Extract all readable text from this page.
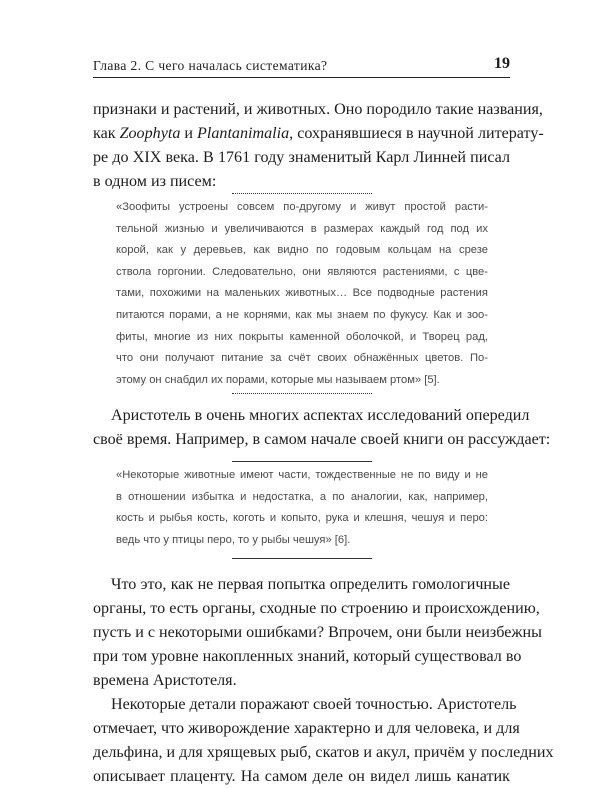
Глава 2. С чего началась систематика?	19
признаки и растений, и животных. Оно породило такие названия,
как Zoophyta и Plantanimalia, сохранявшиеся в научной литерату-
ре до XIX века. В 1761 году знаменитый Карл Линней писал
в одном из писем:
«Зоофиты устроены совсем по-другому и живут простой расти-
тельной жизнью и увеличиваются в размерах каждый год под их
корой, как у деревьев, как видно по годовым кольцам на срезе
ствола горгонии. Следовательно, они являются растениями, с цве-
тами, похожими на маленьких животных… Все подводные растения
питаются порами, а не корнями, как мы знаем по фукусу. Как и зоо-
фиты, многие из них покрыты каменной оболочкой, и Творец рад,
что они получают питание за счёт своих обнажённых цветов. По-
этому он снабдил их порами, которые мы называем ртом» [5].
Аристотель в очень многих аспектах исследований опередил
своё время. Например, в самом начале своей книги он рассуждает:
«Некоторые животные имеют части, тождественные не по виду и не
в отношении избытка и недостатка, а по аналогии, как, например,
кость и рыбья кость, коготь и копыто, рука и клешня, чешуя и перо:
ведь что у птицы перо, то у рыбы чешуя» [6].
Что это, как не первая попытка определить гомологичные
органы, то есть органы, сходные по строению и происхождению,
пусть и с некоторыми ошибками? Впрочем, они были неизбежны
при том уровне накопленных знаний, который существовал во
времена Аристотеля.
Некоторые детали поражают своей точностью. Аристотель
отмечает, что живорождение характерно и для человека, и для
дельфина, и для хрящевых рыб, скатов и акул, причём у последних
описывает плаценту. На самом деле он видел лишь канатик
